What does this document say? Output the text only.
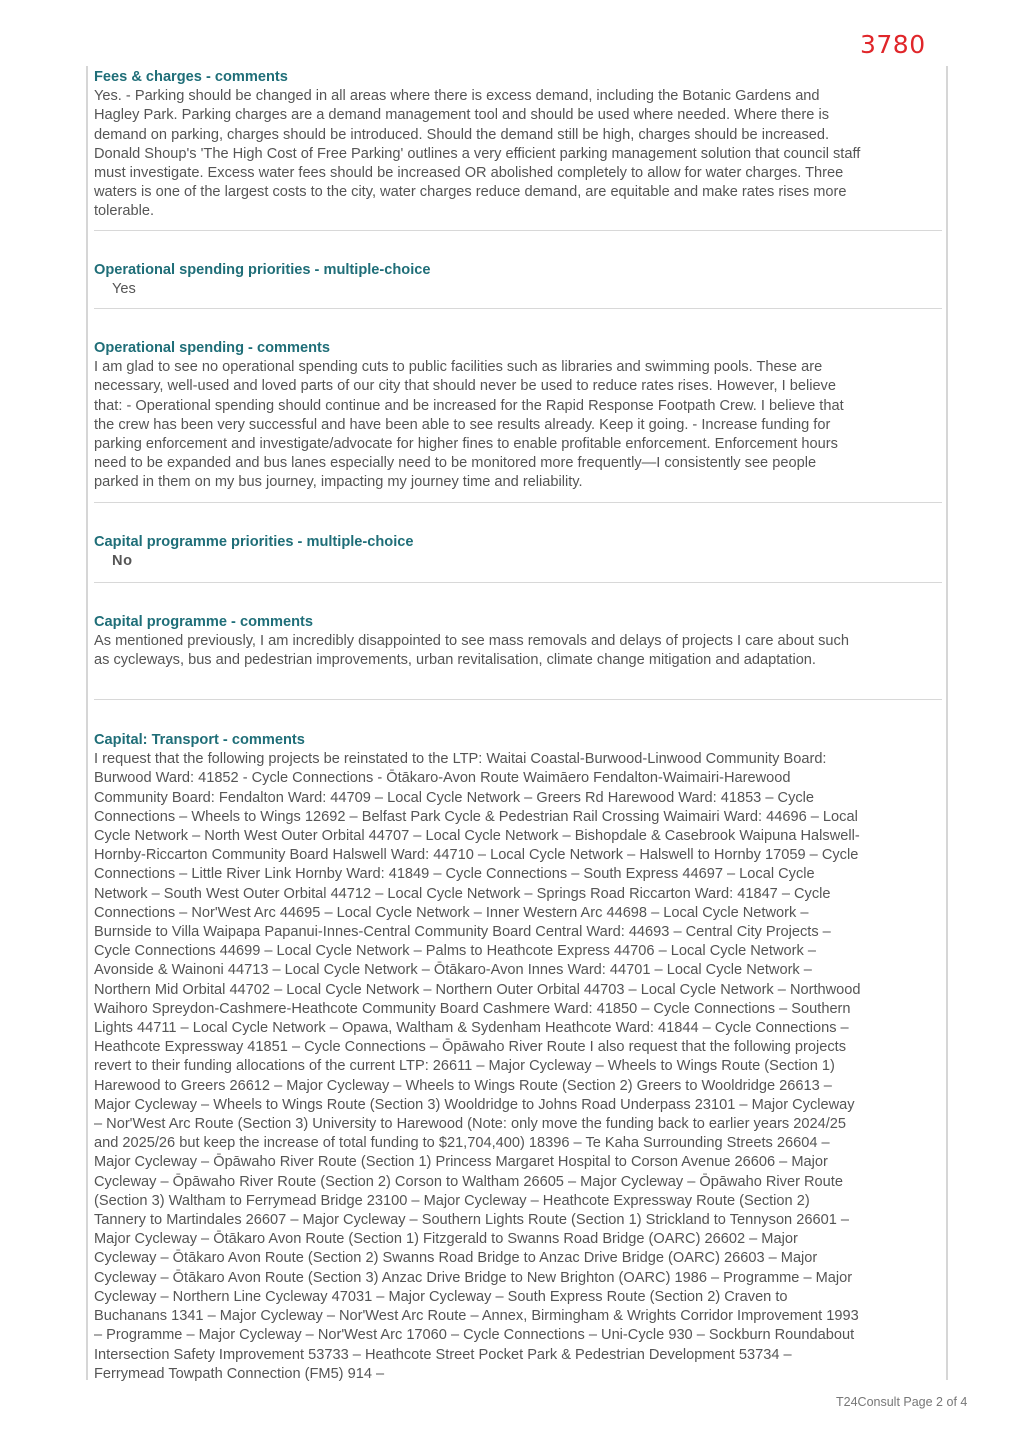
3780

Fees & charges - comments

Yes. - Parking should be changed in all areas where there is excess demand, including the Botanic Gardens and Hagley Park. Parking charges are a demand management tool and should be used where needed. Where there is demand on parking, charges should be introduced. Should the demand still be high, charges should be increased. Donald Shoup's 'The High Cost of Free Parking' outlines a very efficient parking management solution that council staff must investigate. Excess water fees should be increased OR abolished completely to allow for water charges. Three waters is one of the largest costs to the city, water charges reduce demand, are equitable and make rates rises more tolerable.

Operational spending priorities - multiple-choice

Yes

Operational spending - comments

I am glad to see no operational spending cuts to public facilities such as libraries and swimming pools. These are necessary, well-used and loved parts of our city that should never be used to reduce rates rises. However, I believe that: - Operational spending should continue and be increased for the Rapid Response Footpath Crew. I believe that the crew has been very successful and have been able to see results already. Keep it going. - Increase funding for parking enforcement and investigate/advocate for higher fines to enable profitable enforcement. Enforcement hours need to be expanded and bus lanes especially need to be monitored more frequently—I consistently see people parked in them on my bus journey, impacting my journey time and reliability.

Capital programme priorities - multiple-choice

No

Capital programme - comments

As mentioned previously, I am incredibly disappointed to see mass removals and delays of projects I care about such as cycleways, bus and pedestrian improvements, urban revitalisation, climate change mitigation and adaptation.

Capital: Transport - comments

I request that the following projects be reinstated to the LTP: Waitai Coastal-Burwood-Linwood Community Board: Burwood Ward: 41852 - Cycle Connections - Ōtākaro-Avon Route Waimāero Fendalton-Waimairi-Harewood Community Board: Fendalton Ward: 44709 – Local Cycle Network – Greers Rd Harewood Ward: 41853 – Cycle Connections – Wheels to Wings 12692 – Belfast Park Cycle & Pedestrian Rail Crossing Waimairi Ward: 44696 – Local Cycle Network – North West Outer Orbital 44707 – Local Cycle Network – Bishopdale & Casebrook Waipuna Halswell-Hornby-Riccarton Community Board Halswell Ward: 44710 – Local Cycle Network – Halswell to Hornby 17059 – Cycle Connections – Little River Link Hornby Ward: 41849 – Cycle Connections – South Express 44697 – Local Cycle Network – South West Outer Orbital 44712 – Local Cycle Network – Springs Road Riccarton Ward: 41847 – Cycle Connections – Nor'West Arc 44695 – Local Cycle Network – Inner Western Arc 44698 – Local Cycle Network – Burnside to Villa Waipapa Papanui-Innes-Central Community Board Central Ward: 44693 – Central City Projects – Cycle Connections 44699 – Local Cycle Network – Palms to Heathcote Express 44706 – Local Cycle Network – Avonside & Wainoni 44713 – Local Cycle Network – Ōtākaro-Avon Innes Ward: 44701 – Local Cycle Network – Northern Mid Orbital 44702 – Local Cycle Network – Northern Outer Orbital 44703 – Local Cycle Network – Northwood Waihoro Spreydon-Cashmere-Heathcote Community Board Cashmere Ward: 41850 – Cycle Connections – Southern Lights 44711 – Local Cycle Network – Opawa, Waltham & Sydenham Heathcote Ward: 41844 – Cycle Connections – Heathcote Expressway 41851 – Cycle Connections – Ōpāwaho River Route I also request that the following projects revert to their funding allocations of the current LTP: 26611 – Major Cycleway – Wheels to Wings Route (Section 1) Harewood to Greers 26612 – Major Cycleway – Wheels to Wings Route (Section 2) Greers to Wooldridge 26613 – Major Cycleway – Wheels to Wings Route (Section 3) Wooldridge to Johns Road Underpass 23101 – Major Cycleway – Nor'West Arc Route (Section 3) University to Harewood (Note: only move the funding back to earlier years 2024/25 and 2025/26 but keep the increase of total funding to $21,704,400) 18396 – Te Kaha Surrounding Streets 26604 – Major Cycleway – Ōpāwaho River Route (Section 1) Princess Margaret Hospital to Corson Avenue 26606 – Major Cycleway – Ōpāwaho River Route (Section 2) Corson to Waltham 26605 – Major Cycleway – Ōpāwaho River Route (Section 3) Waltham to Ferrymead Bridge 23100 – Major Cycleway – Heathcote Expressway Route (Section 2) Tannery to Martindales 26607 – Major Cycleway – Southern Lights Route (Section 1) Strickland to Tennyson 26601 – Major Cycleway – Ōtākaro Avon Route (Section 1) Fitzgerald to Swanns Road Bridge (OARC) 26602 – Major Cycleway – Ōtākaro Avon Route (Section 2) Swanns Road Bridge to Anzac Drive Bridge (OARC) 26603 – Major Cycleway – Ōtākaro Avon Route (Section 3) Anzac Drive Bridge to New Brighton (OARC) 1986 – Programme – Major Cycleway – Northern Line Cycleway 47031 – Major Cycleway – South Express Route (Section 2) Craven to Buchanans 1341 – Major Cycleway – Nor'West Arc Route – Annex, Birmingham & Wrights Corridor Improvement 1993 – Programme – Major Cycleway – Nor'West Arc 17060 – Cycle Connections – Uni-Cycle 930 – Sockburn Roundabout Intersection Safety Improvement 53733 – Heathcote Street Pocket Park & Pedestrian Development 53734 – Ferrymead Towpath Connection (FM5) 914 –

T24Consult Page 2 of 4
